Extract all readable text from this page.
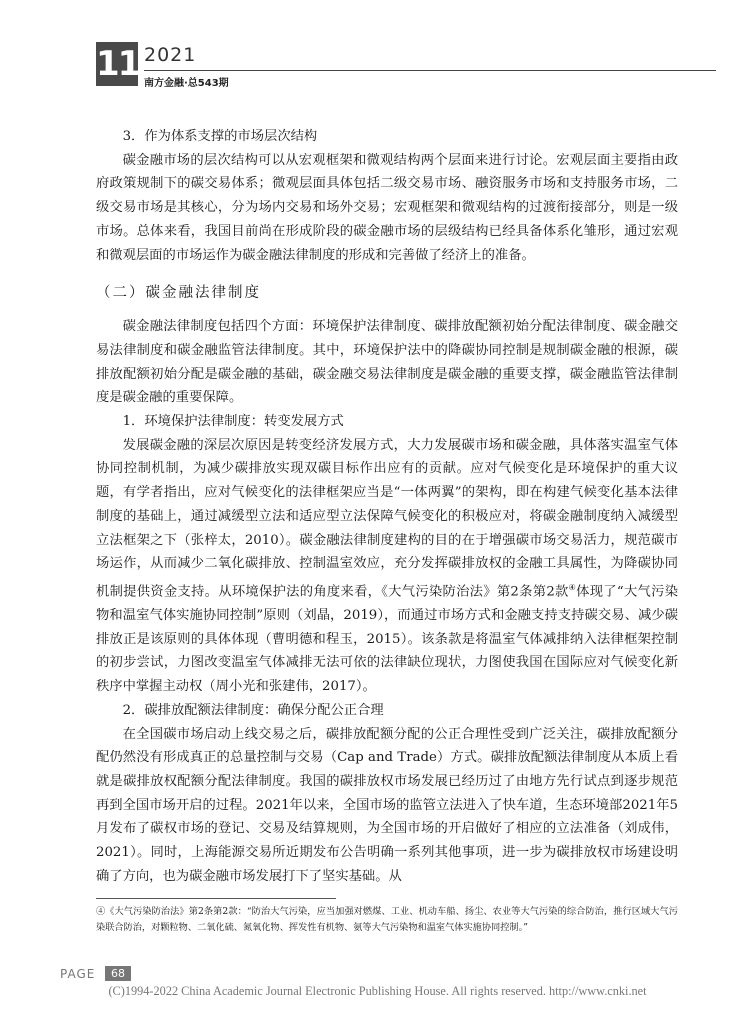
11 2021
南方金融·总543期

3．作为体系支撑的市场层次结构

碳金融市场的层次结构可以从宏观框架和微观结构两个层面来进行讨论。宏观层面主要指由政府政策规制下的碳交易体系；微观层面具体包括二级交易市场、融资服务市场和支持服务市场，二级交易市场是其核心，分为场内交易和场外交易；宏观框架和微观结构的过渡衔接部分，则是一级市场。总体来看，我国目前尚在形成阶段的碳金融市场的层级结构已经具备体系化雏形，通过宏观和微观层面的市场运作为碳金融法律制度的形成和完善做了经济上的准备。

（二）碳金融法律制度

碳金融法律制度包括四个方面：环境保护法律制度、碳排放配额初始分配法律制度、碳金融交易法律制度和碳金融监管法律制度。其中，环境保护法中的降碳协同控制是规制碳金融的根源，碳排放配额初始分配是碳金融的基础，碳金融交易法律制度是碳金融的重要支撑，碳金融监管法律制度是碳金融的重要保障。

1．环境保护法律制度：转变发展方式

发展碳金融的深层次原因是转变经济发展方式，大力发展碳市场和碳金融，具体落实温室气体协同控制机制，为减少碳排放实现双碳目标作出应有的贡献。应对气候变化是环境保护的重大议题，有学者指出，应对气候变化的法律框架应当是“一体两翼”的架构，即在构建气候变化基本法律制度的基础上，通过减缓型立法和适应型立法保障气候变化的积极应对，将碳金融制度纳入减缓型立法框架之下（张梓太，2010）。碳金融法律制度建构的目的在于增强碳市场交易活力，规范碳市场运作，从而减少二氧化碳排放、控制温室效应，充分发挥碳排放权的金融工具属性，为降碳协同机制提供资金支持。从环境保护法的角度来看，《大气污染防治法》第2条第2款④体现了“大气污染物和温室气体实施协同控制”原则（刘晶，2019），而通过市场方式和金融支持支持碳交易、减少碳排放正是该原则的具体体现（曹明德和程玉，2015）。该条款是将温室气体减排纳入法律框架控制的初步尝试，力图改变温室气体减排无法可依的法律缺位现状，力图使我国在国际应对气候变化新秩序中掌握主动权（周小光和张建伟，2017）。

2．碳排放配额法律制度：确保分配公正合理

在全国碳市场启动上线交易之后，碳排放配额分配的公正合理性受到广泛关注，碳排放配额分配仍然没有形成真正的总量控制与交易（Cap and Trade）方式。碳排放配额法律制度从本质上看就是碳排放权配额分配法律制度。我国的碳排放权市场发展已经历过了由地方先行试点到逐步规范再到全国市场开启的过程。2021年以来，全国市场的监管立法进入了快车道，生态环境部2021年5月发布了碳权市场的登记、交易及结算规则，为全国市场的开启做好了相应的立法准备（刘成伟，2021）。同时，上海能源交易所近期发布公告明确一系列其他事项，进一步为碳排放权市场建设明确了方向，也为碳金融市场发展打下了坚实基础。从

④《大气污染防治法》第2条第2款：“防治大气污染，应当加强对燃煤、工业、机动车船、扬尘、农业等大气污染的综合防治，推行区域大气污染联合防治，对颗粒物、二氧化硫、氮氧化物、挥发性有机物、氨等大气污染物和温室气体实施协同控制。”

PAGE	68
(C)1994-2022 China Academic Journal Electronic Publishing House. All rights reserved. http://www.cnki.net
